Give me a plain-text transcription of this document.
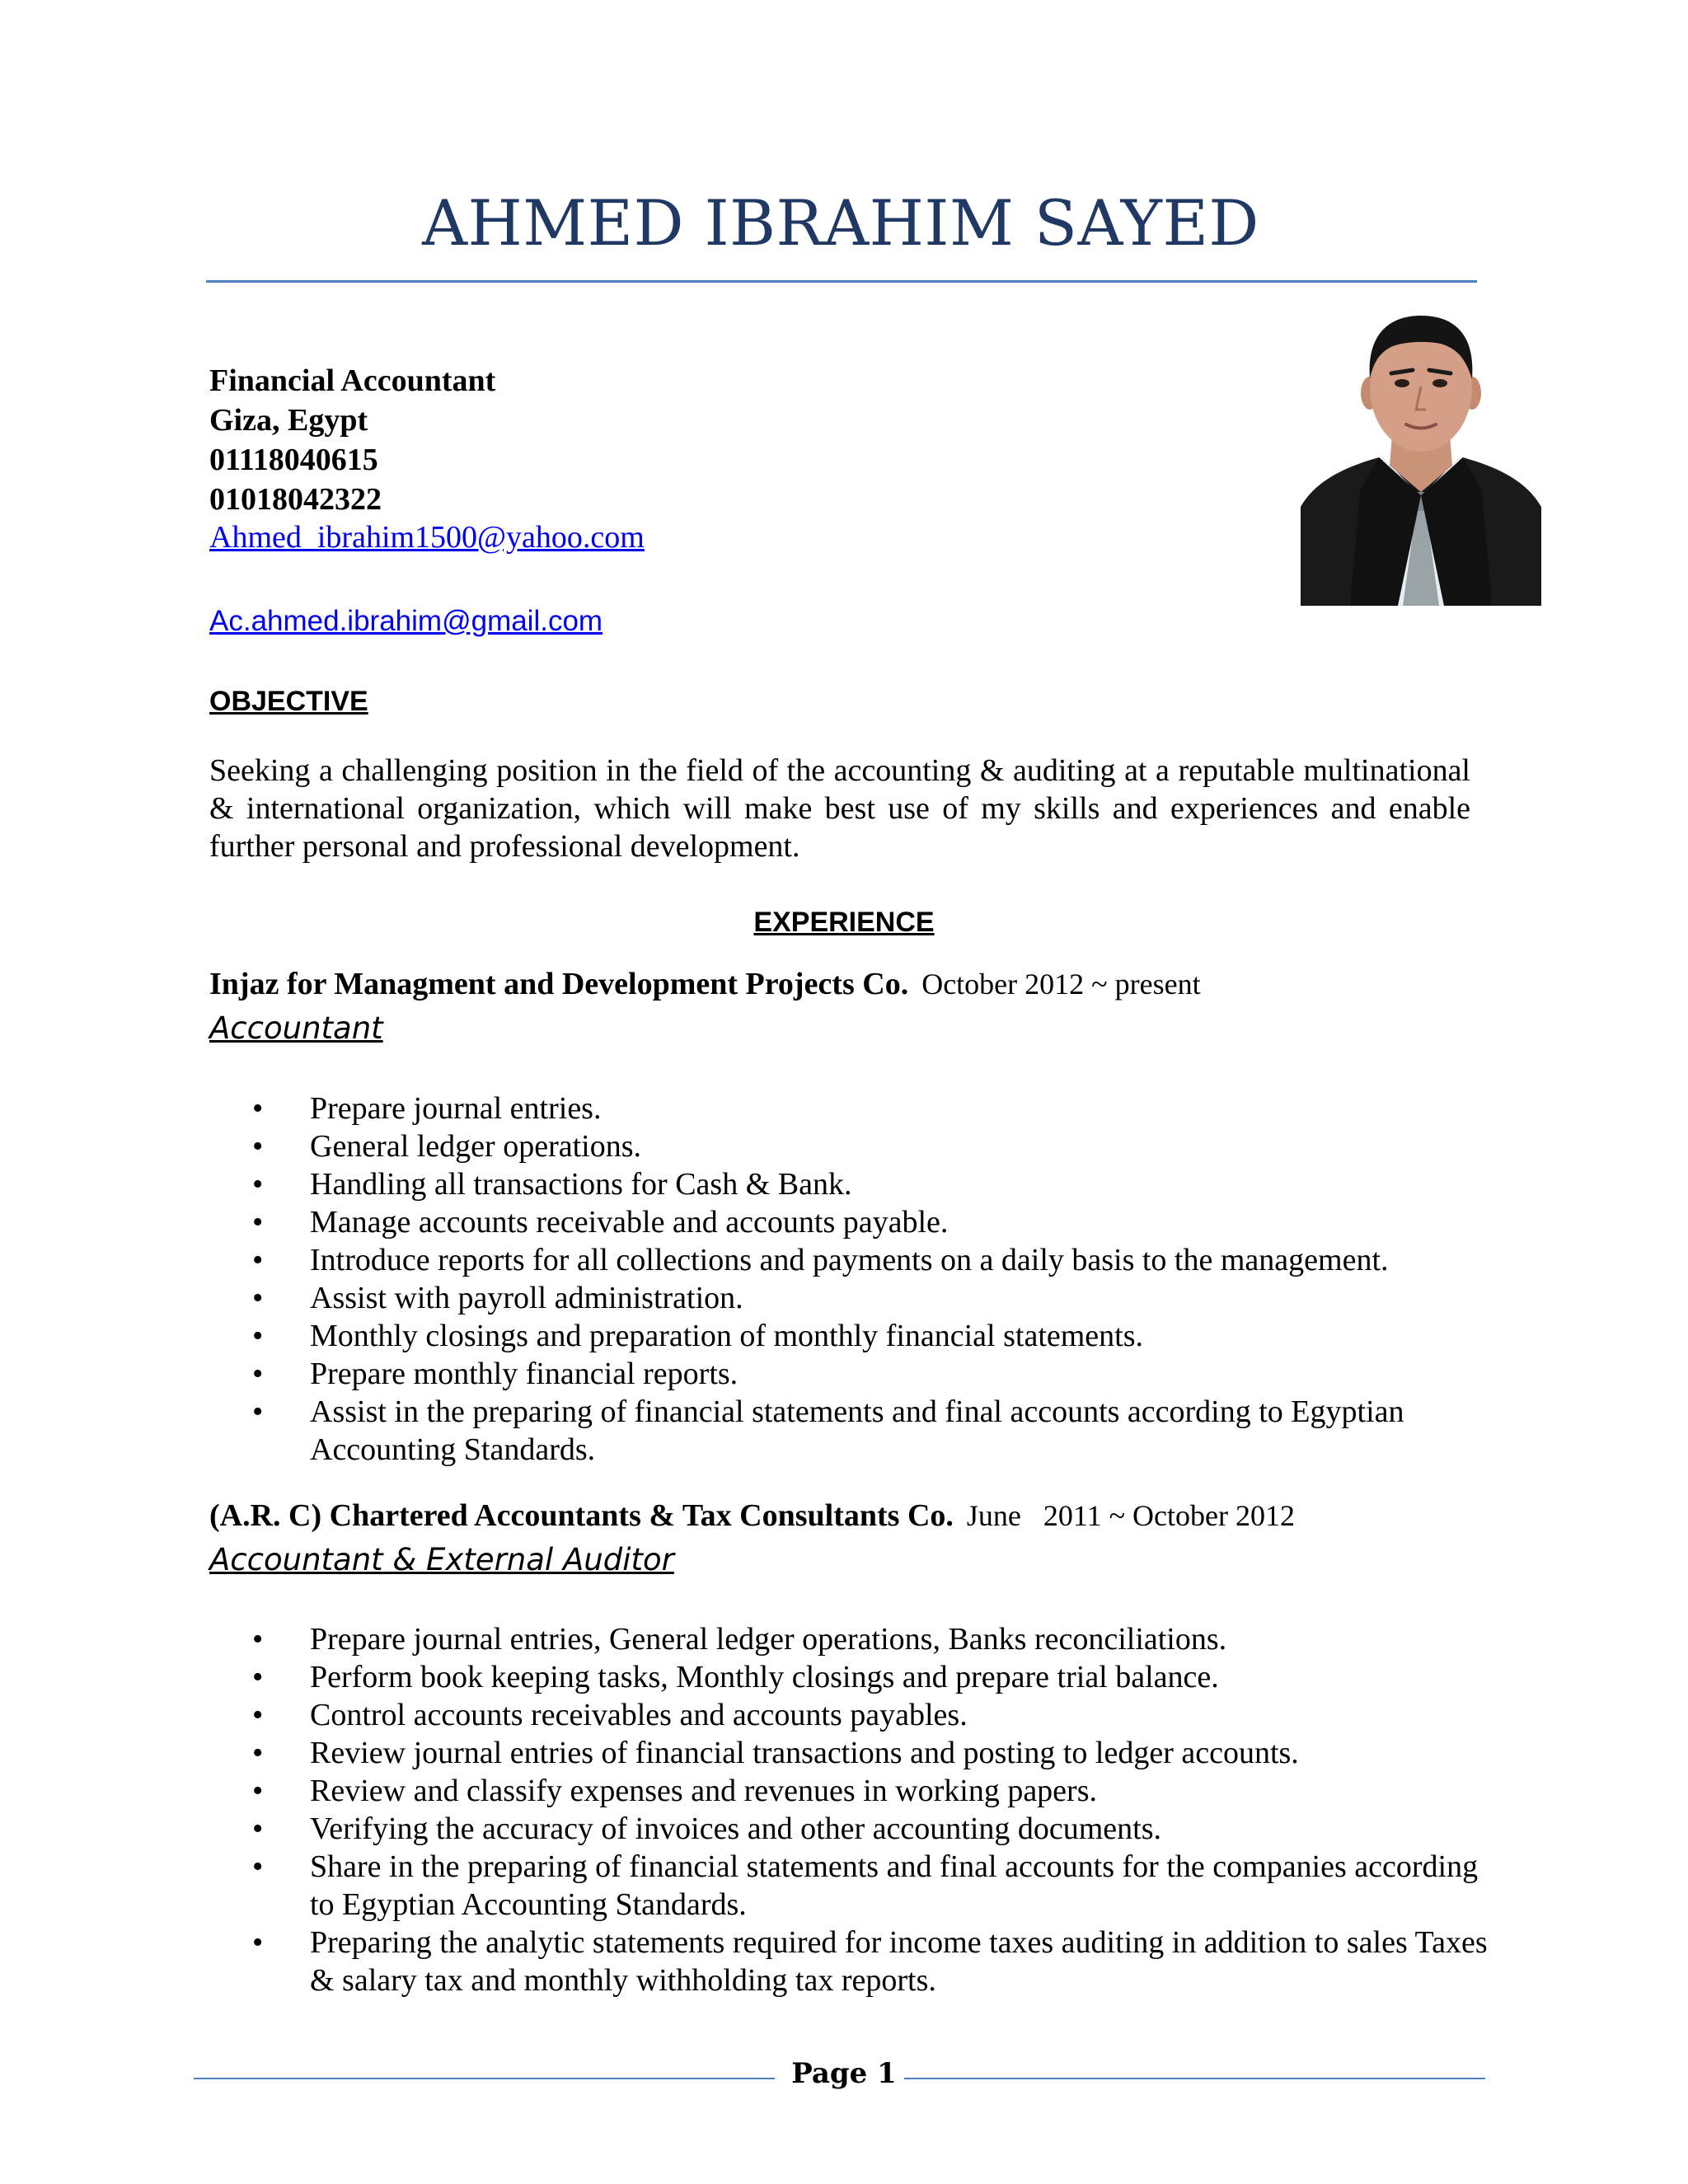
AHMED IBRAHIM SAYED
Financial Accountant
Giza, Egypt
01118040615
01018042322
Ahmed_ibrahim1500@yahoo.com
Ac.ahmed.ibrahim@gmail.com
OBJECTIVE
Seeking a challenging position in the field of the accounting & auditing at a reputable multinational & international organization, which will make best use of my skills and experiences and enable further personal and professional development.
EXPERIENCE
Injaz for Managment and Development Projects Co. October 2012 ~ present
Accountant
• Prepare journal entries.
• General ledger operations.
• Handling all transactions for Cash & Bank.
• Manage accounts receivable and accounts payable.
• Introduce reports for all collections and payments on a daily basis to the management.
• Assist with payroll administration.
• Monthly closings and preparation of monthly financial statements.
• Prepare monthly financial reports.
• Assist in the preparing of financial statements and final accounts according to Egyptian Accounting Standards.
(A.R. C) Chartered Accountants & Tax Consultants Co. June   2011 ~ October 2012
Accountant & External Auditor
• Prepare journal entries, General ledger operations, Banks reconciliations.
• Perform book keeping tasks, Monthly closings and prepare trial balance.
• Control accounts receivables and accounts payables.
• Review journal entries of financial transactions and posting to ledger accounts.
• Review and classify expenses and revenues in working papers.
• Verifying the accuracy of invoices and other accounting documents.
• Share in the preparing of financial statements and final accounts for the companies according to Egyptian Accounting Standards.
• Preparing the analytic statements required for income taxes auditing in addition to sales Taxes & salary tax and monthly withholding tax reports.
Page 1
